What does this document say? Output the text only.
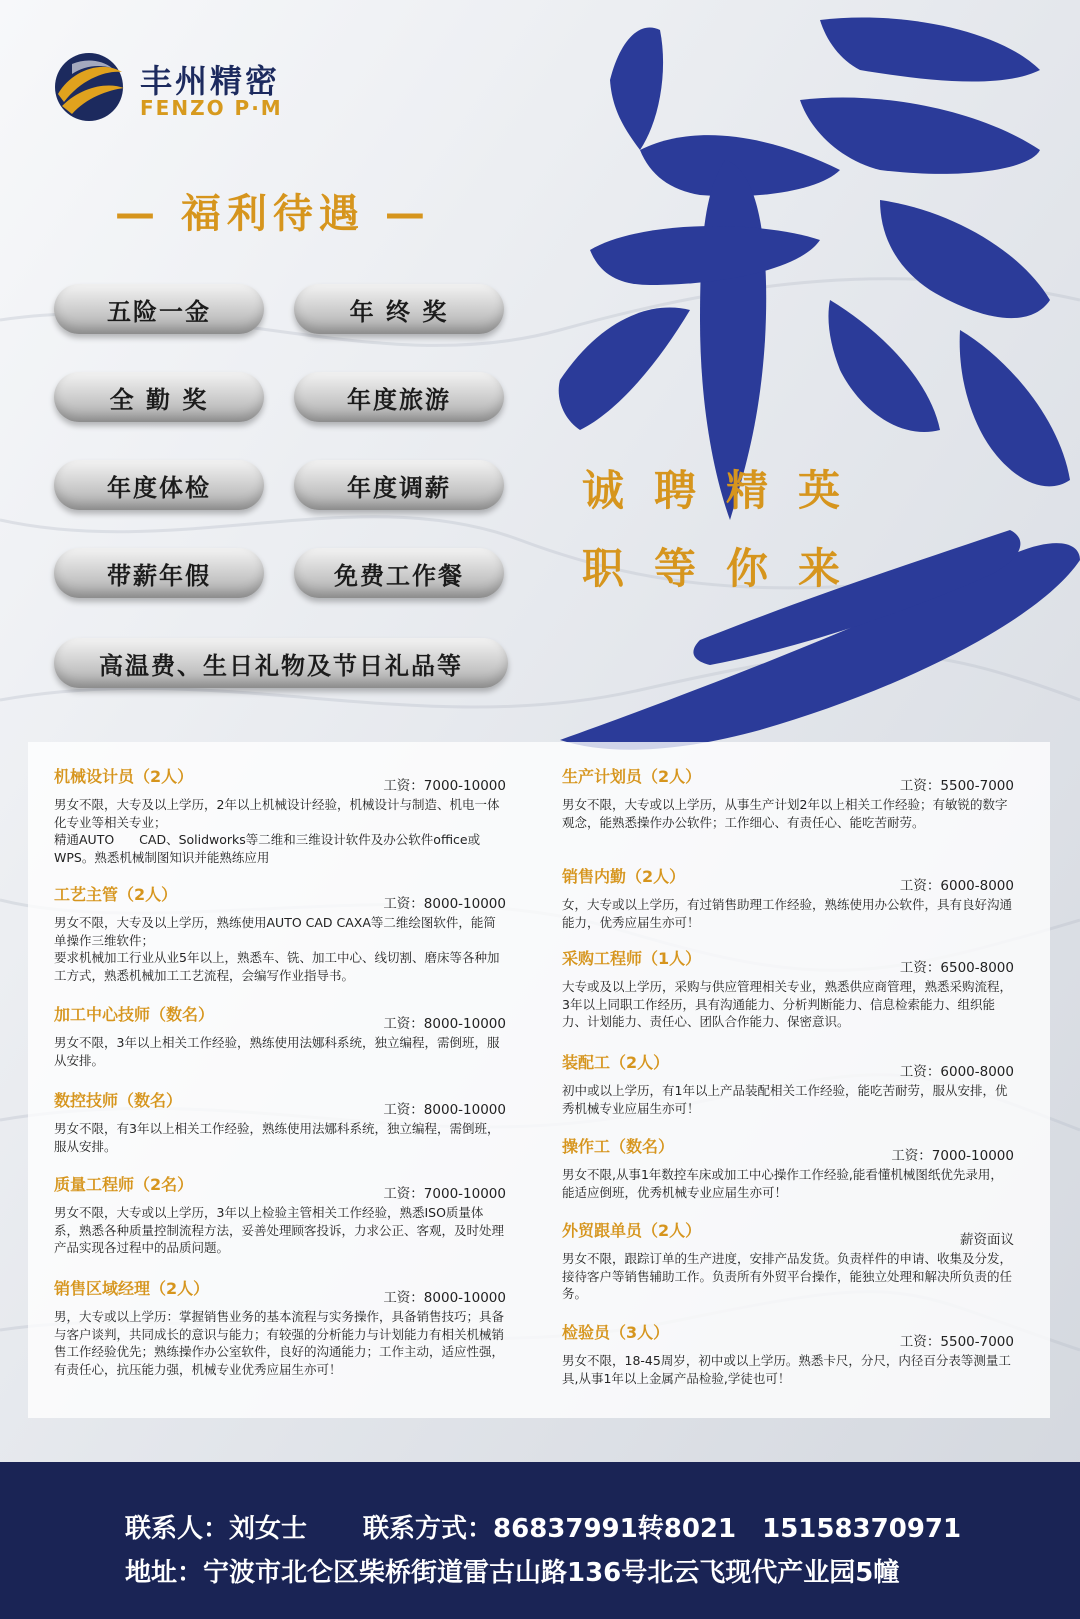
丰州精密
FENZO P·M
— 福利待遇 —
五险一金	年 终 奖
全 勤 奖	年度旅游
年度体检	年度调薪
带薪年假	免费工作餐
高温费、生日礼物及节日礼品等
诚聘精英
职等你来
机械设计员（2人）	工资：7000-10000
男女不限，大专及以上学历，2年以上机械设计经验，机械设计与制造、机电一体化专业等相关专业；
精通AUTO　　CAD、Solidworks等二维和三维设计软件及办公软件office或WPS。熟悉机械制图知识并能熟练应用
工艺主管（2人）	工资：8000-10000
男女不限，大专及以上学历，熟练使用AUTO CAD CAXA等二维绘图软件，能简单操作三维软件；
要求机械加工行业从业5年以上，熟悉车、铣、加工中心、线切割、磨床等各种加工方式，熟悉机械加工工艺流程，会编写作业指导书。
加工中心技师（数名）	工资：8000-10000
男女不限，3年以上相关工作经验，熟练使用法娜科系统，独立编程，需倒班，服从安排。
数控技师（数名）	工资：8000-10000
男女不限，有3年以上相关工作经验，熟练使用法娜科系统，独立编程，需倒班，服从安排。
质量工程师（2名）	工资：7000-10000
男女不限，大专或以上学历，3年以上检验主管相关工作经验，熟悉ISO质量体系，熟悉各种质量控制流程方法，妥善处理顾客投诉，力求公正、客观，及时处理产品实现各过程中的品质问题。
销售区域经理（2人）	工资：8000-10000
男，大专或以上学历：掌握销售业务的基本流程与实务操作，具备销售技巧；具备与客户谈判，共同成长的意识与能力；有较强的分析能力与计划能力有相关机械销售工作经验优先；熟练操作办公室软件，良好的沟通能力；工作主动，适应性强，有责任心，抗压能力强，机械专业优秀应届生亦可！
生产计划员（2人）	工资：5500-7000
男女不限，大专或以上学历，从事生产计划2年以上相关工作经验；有敏锐的数字观念，能熟悉操作办公软件；工作细心、有责任心、能吃苦耐劳。
销售内勤（2人）	工资：6000-8000
女，大专或以上学历，有过销售助理工作经验，熟练使用办公软件，具有良好沟通能力，优秀应届生亦可！
采购工程师（1人）	工资：6500-8000
大专或及以上学历，采购与供应管理相关专业，熟悉供应商管理，熟悉采购流程，3年以上同职工作经历，具有沟通能力、分析判断能力、信息检索能力、组织能力、计划能力、责任心、团队合作能力、保密意识。
装配工（2人）	工资：6000-8000
初中或以上学历，有1年以上产品装配相关工作经验，能吃苦耐劳，服从安排，优秀机械专业应届生亦可！
操作工（数名）	工资：7000-10000
男女不限,从事1年数控车床或加工中心操作工作经验,能看懂机械图纸优先录用，能适应倒班，优秀机械专业应届生亦可！
外贸跟单员（2人）	薪资面议
男女不限，跟踪订单的生产进度，安排产品发货。负责样件的申请、收集及分发，接待客户等销售辅助工作。负责所有外贸平台操作，能独立处理和解决所负责的任务。
检验员（3人）	工资：5500-7000
男女不限，18-45周岁，初中或以上学历。熟悉卡尺，分尺，内径百分表等测量工具,从事1年以上金属产品检验,学徒也可！
联系人：刘女士 联系方式：86837991转8021　15158370971
地址：宁波市北仑区柴桥街道雷古山路136号北云飞现代产业园5幢
